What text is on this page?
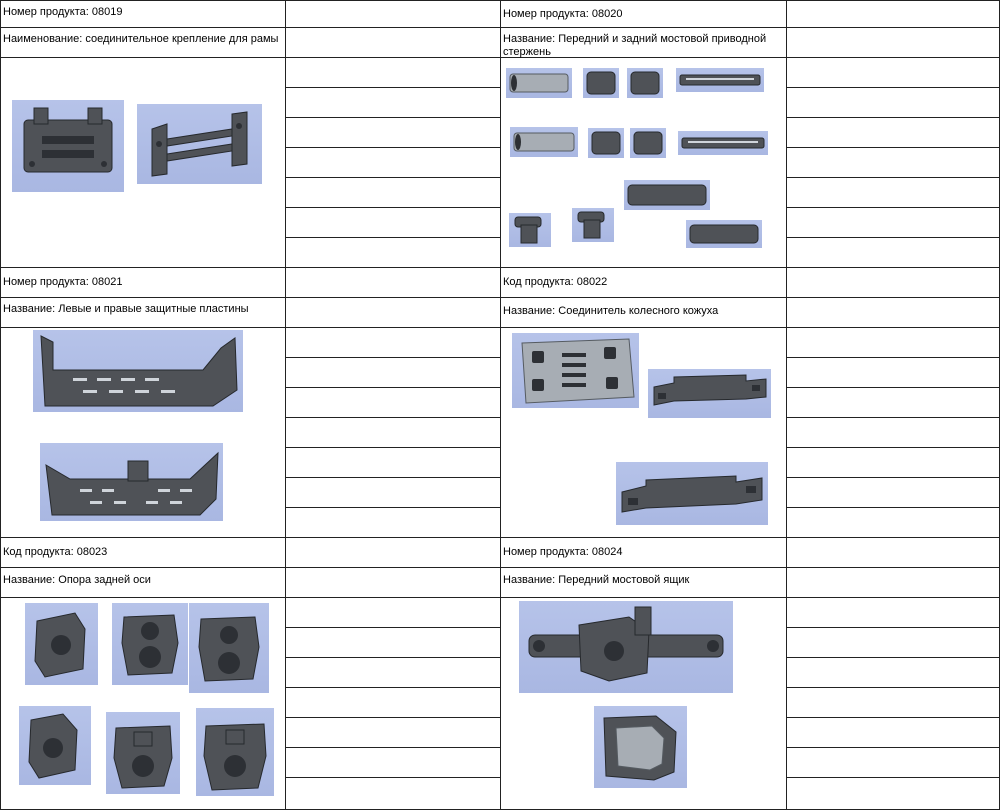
Номер продукта: 08019
Наименование: соединительное крепление для рамы
Номер продукта: 08020
Название: Передний и задний мостовой приводной стержень
Номер продукта: 08021
Название: Левые и правые защитные пластины
Код продукта: 08022
Название: Соединитель колесного кожуха
Код продукта: 08023
Название: Опора задней оси
Номер продукта: 08024
Название: Передний мостовой ящик
